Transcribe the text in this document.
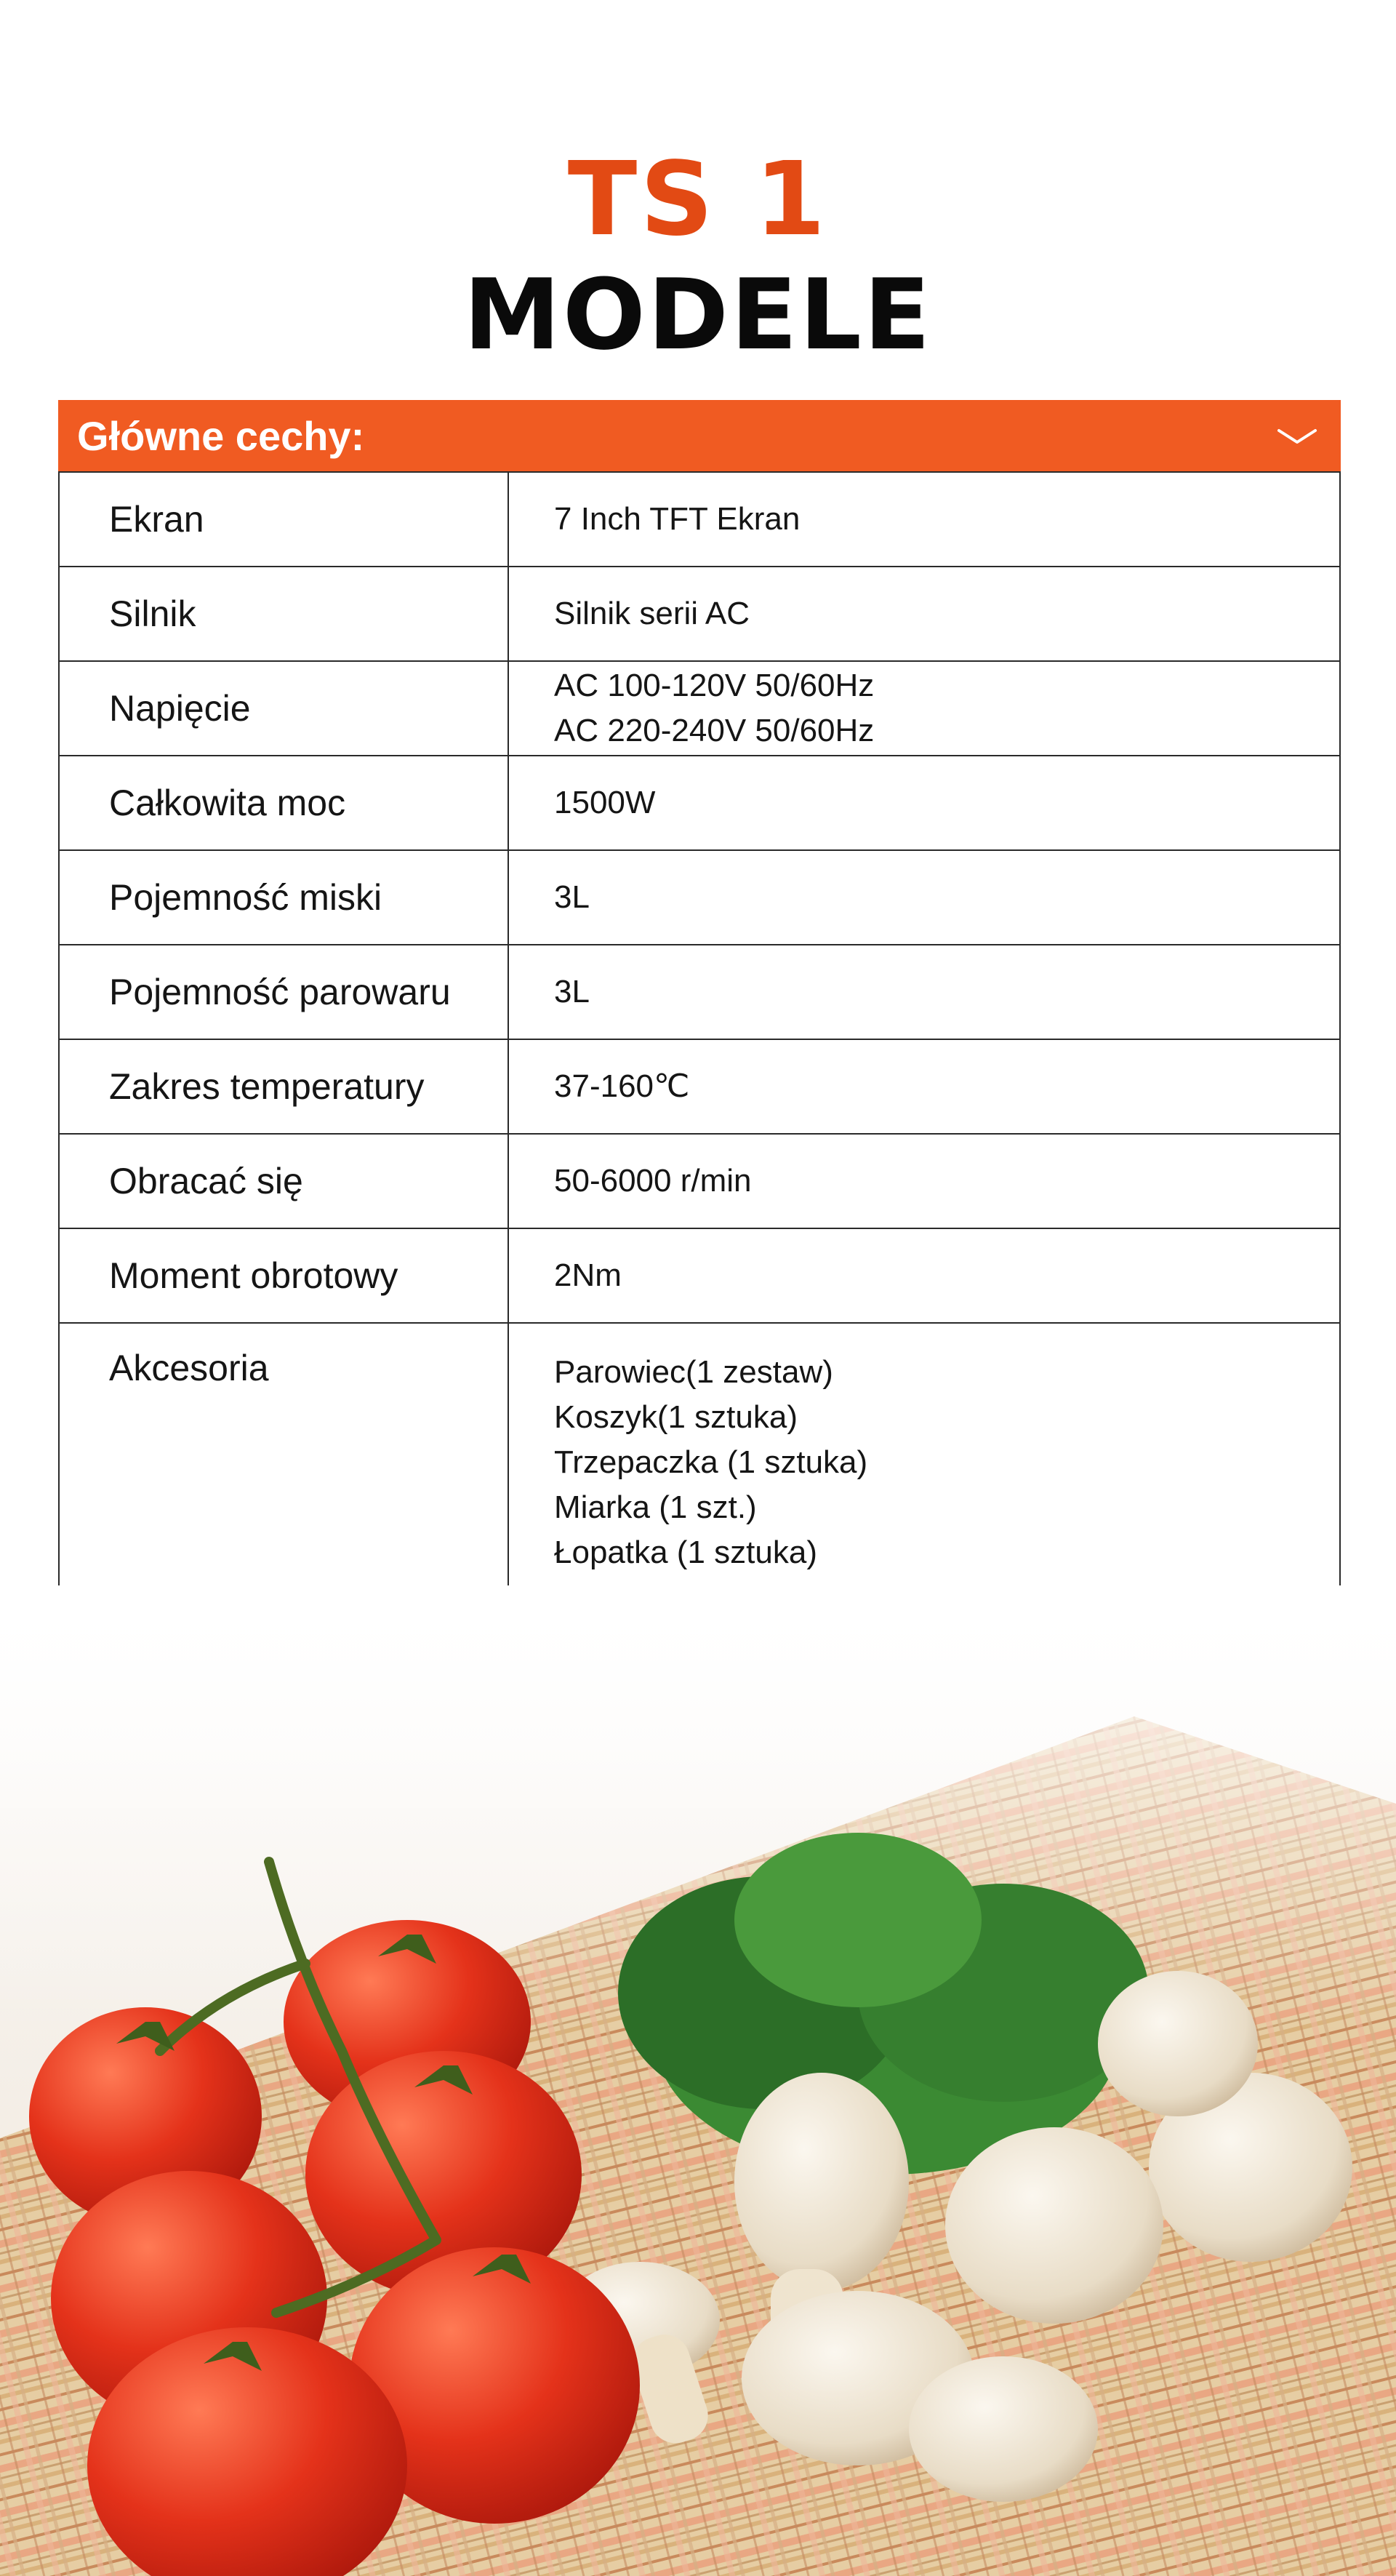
TS 1
MODELE
Główne cechy:
Ekran	7 Inch TFT Ekran

Silnik	Silnik serii AC

Napięcie	AC 100-120V 50/60Hz
AC 220-240V 50/60Hz

Całkowita moc	1500W

Pojemność miski	3L

Pojemność parowaru	3L

Zakres temperatury	37-160℃

Obracać się	50-6000 r/min

Moment obrotowy	2Nm

Akcesoria	Parowiec(1 zestaw)
Koszyk(1 sztuka)
Trzepaczka (1 sztuka)
Miarka (1 szt.)
Łopatka (1 sztuka)
